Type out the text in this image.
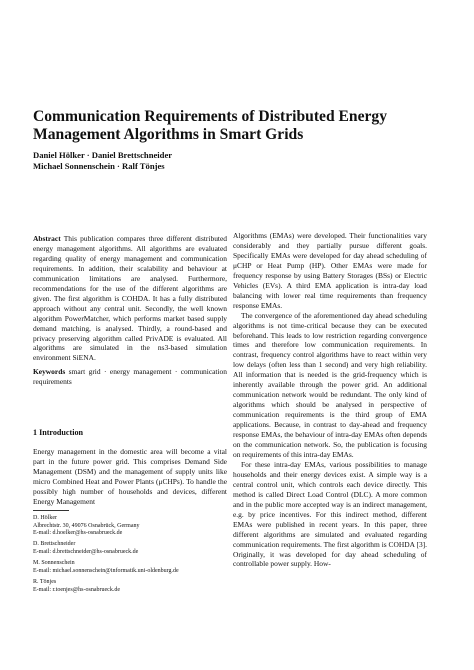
Communication Requirements of Distributed Energy
Management Algorithms in Smart Grids
Daniel Hölker · Daniel Brettschneider
Michael Sonnenschein · Ralf Tönjes

Abstract This publication compares three different distributed energy management algorithms. All algorithms are evaluated regarding quality of energy management and communication requirements. In addition, their scalability and behaviour at communication limitations are analysed. Furthermore, recommendations for the use of the different algorithms are given. The first algorithm is COHDA. It has a fully distributed approach without any central unit. Secondly, the well known algorithm PowerMatcher, which performs market based supply demand matching, is analysed. Thirdly, a round-based and privacy preserving algorithm called PrivADE is evaluated. All algorithms are simulated in the ns3-based simulation environment SiENA.

Keywords smart grid · energy management · communication requirements

1 Introduction

Energy management in the domestic area will become a vital part in the future power grid. This comprises Demand Side Management (DSM) and the management of supply units like micro Combined Heat and Power Plants (μCHPs). To handle the possibly high number of households and devices, different Energy Management

D. Hölker
Albrechtstr. 30, 49076 Osnabrück, Germany
E-mail: d.hoelker@hs-osnabrueck.de
D. Brettschneider
E-mail: d.brettschneider@hs-osnabrueck.de
M. Sonnenschein
E-mail: michael.sonnenschein@informatik.uni-oldenburg.de
R. Tönjes
E-mail: r.toenjes@hs-osnabrueck.de

Algorithms (EMAs) were developed. Their functionalities vary considerably and they partially pursue different goals. Specifically EMAs were developed for day ahead scheduling of μCHP or Heat Pump (HP). Other EMAs were made for frequency response by using Battery Storages (BSs) or Electric Vehicles (EVs). A third EMA application is intra-day load balancing with lower real time requirements than frequency response EMAs.

The convergence of the aforementioned day ahead scheduling algorithms is not time-critical because they can be executed beforehand. This leads to low restriction regarding convergence times and therefore low communication requirements. In contrast, frequency control algorithms have to react within very low delays (often less than 1 second) and very high reliability. All information that is needed is the grid-frequency which is inherently available through the power grid. An additional communication network would be redundant. The only kind of algorithms which should be analysed in perspective of communication requirements is the third group of EMA applications. Because, in contrast to day-ahead and frequency response EMAs, the behaviour of intra-day EMAs often depends on the communication network. So, the publication is focusing on requirements of this intra-day EMAs.

For these intra-day EMAs, various possibilities to manage households and their energy devices exist. A simple way is a central control unit, which controls each device directly. This method is called Direct Load Control (DLC). A more common and in the public more accepted way is an indirect management, e.g. by price incentives. For this indirect method, different EMAs were published in recent years. In this paper, three different algorithms are simulated and evaluated regarding communication requirements. The first algorithm is COHDA [3]. Originally, it was developed for day ahead scheduling of controllable power supply. How-
